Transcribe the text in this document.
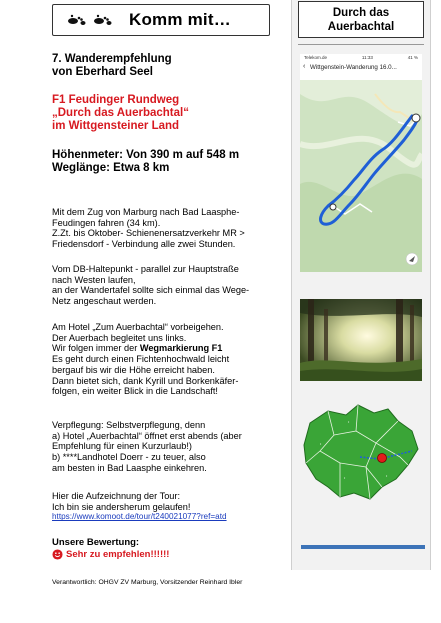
Komm mit…	Durch das
Auerbachtal
Telekom.de	11:33	41 %
‹ Wittgenstein-Wanderung 16.0...
•
•
•	•
7. Wanderempfehlung
von Eberhard Seel
F1 Feudinger Rundweg
„Durch das Auerbachtal“
im Wittgensteiner Land
Höhenmeter: Von 390 m auf 548 m
Weglänge: Etwa 8 km
Mit dem Zug von Marburg nach Bad Laasphe-
Feudingen fahren (34 km).
Z.Zt. bis Oktober- Schienenersatzverkehr MR >
Friedensdorf - Verbindung alle zwei Stunden.
Vom DB-Haltepunkt - parallel zur Hauptstraße
nach Westen laufen,
an der Wandertafel sollte sich einmal das Wege-
Netz angeschaut werden.
Am Hotel „Zum Auerbachtal“ vorbeigehen.
Der Auerbach begleitet uns links.
Wir folgen immer der Wegmarkierung F1
Es geht durch einen Fichtenhochwald leicht
bergauf bis wir die Höhe erreicht haben.
Dann bietet sich, dank Kyrill und Borkenkäfer-
folgen, ein weiter Blick in die Landschaft!
Verpflegung: Selbstverpflegung, denn
a) Hotel „Auerbachtal“ öffnet erst abends (aber
Empfehlung für einen Kurzurlaub!)
b) ****Landhotel Doerr - zu teuer, also
am besten in Bad Laasphe einkehren.
Hier die Aufzeichnung der Tour:
Ich bin sie andersherum gelaufen!
https://www.komoot.de/tour/t240021077?ref=atd
Unsere Bewertung:
Sehr zu empfehlen!!!!!!
Verantwortlich: OHGV ZV Marburg, Vorsitzender Reinhard Ibler
